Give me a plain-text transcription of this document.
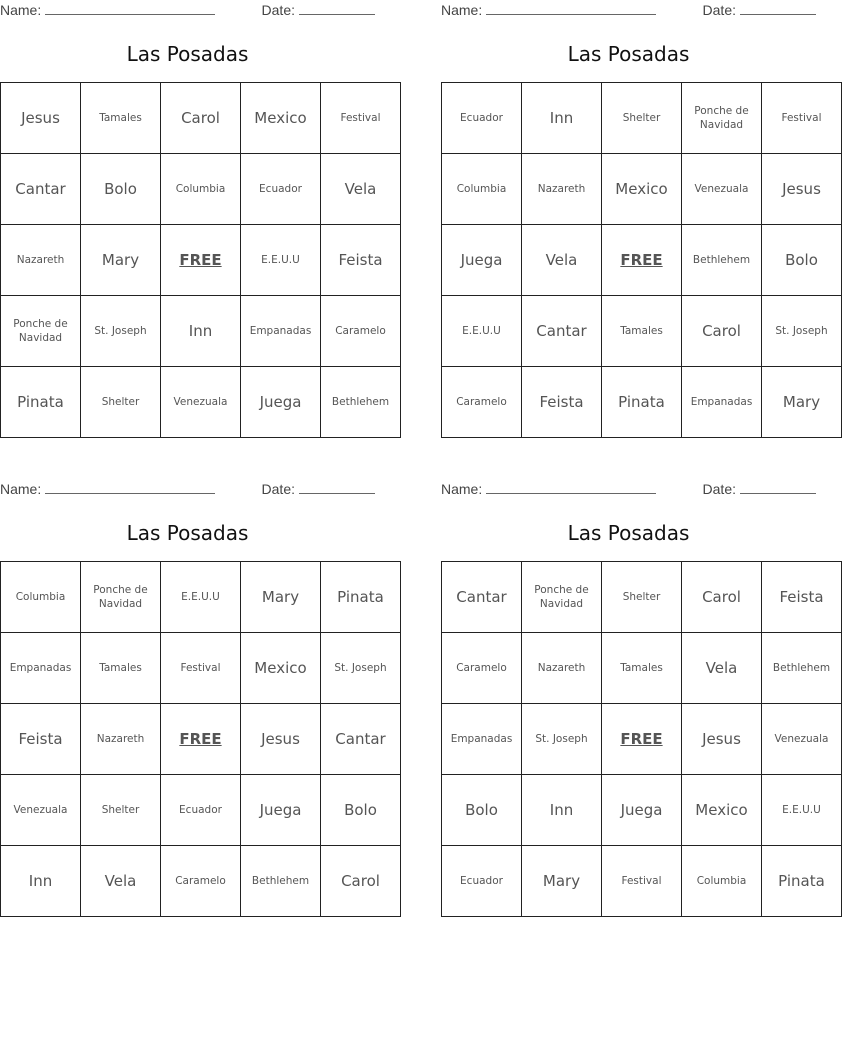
Name:	Date:
Las Posadas
Jesus	Tamales	Carol	Mexico	Festival
Cantar	Bolo	Columbia	Ecuador	Vela
Nazareth	Mary	FREE	E.E.U.U	Feista
Ponche de Navidad	St. Joseph	Inn	Empanadas	Caramelo
Pinata	Shelter	Venezuala	Juega	Bethlehem
Name:	Date:
Las Posadas
Ecuador	Inn	Shelter	Ponche de Navidad	Festival
Columbia	Nazareth	Mexico	Venezuala	Jesus
Juega	Vela	FREE	Bethlehem	Bolo
E.E.U.U	Cantar	Tamales	Carol	St. Joseph
Caramelo	Feista	Pinata	Empanadas	Mary
Name:	Date:
Las Posadas
Columbia	Ponche de Navidad	E.E.U.U	Mary	Pinata
Empanadas	Tamales	Festival	Mexico	St. Joseph
Feista	Nazareth	FREE	Jesus	Cantar
Venezuala	Shelter	Ecuador	Juega	Bolo
Inn	Vela	Caramelo	Bethlehem	Carol
Name:	Date:
Las Posadas
Cantar	Ponche de Navidad	Shelter	Carol	Feista
Caramelo	Nazareth	Tamales	Vela	Bethlehem
Empanadas	St. Joseph	FREE	Jesus	Venezuala
Bolo	Inn	Juega	Mexico	E.E.U.U
Ecuador	Mary	Festival	Columbia	Pinata
